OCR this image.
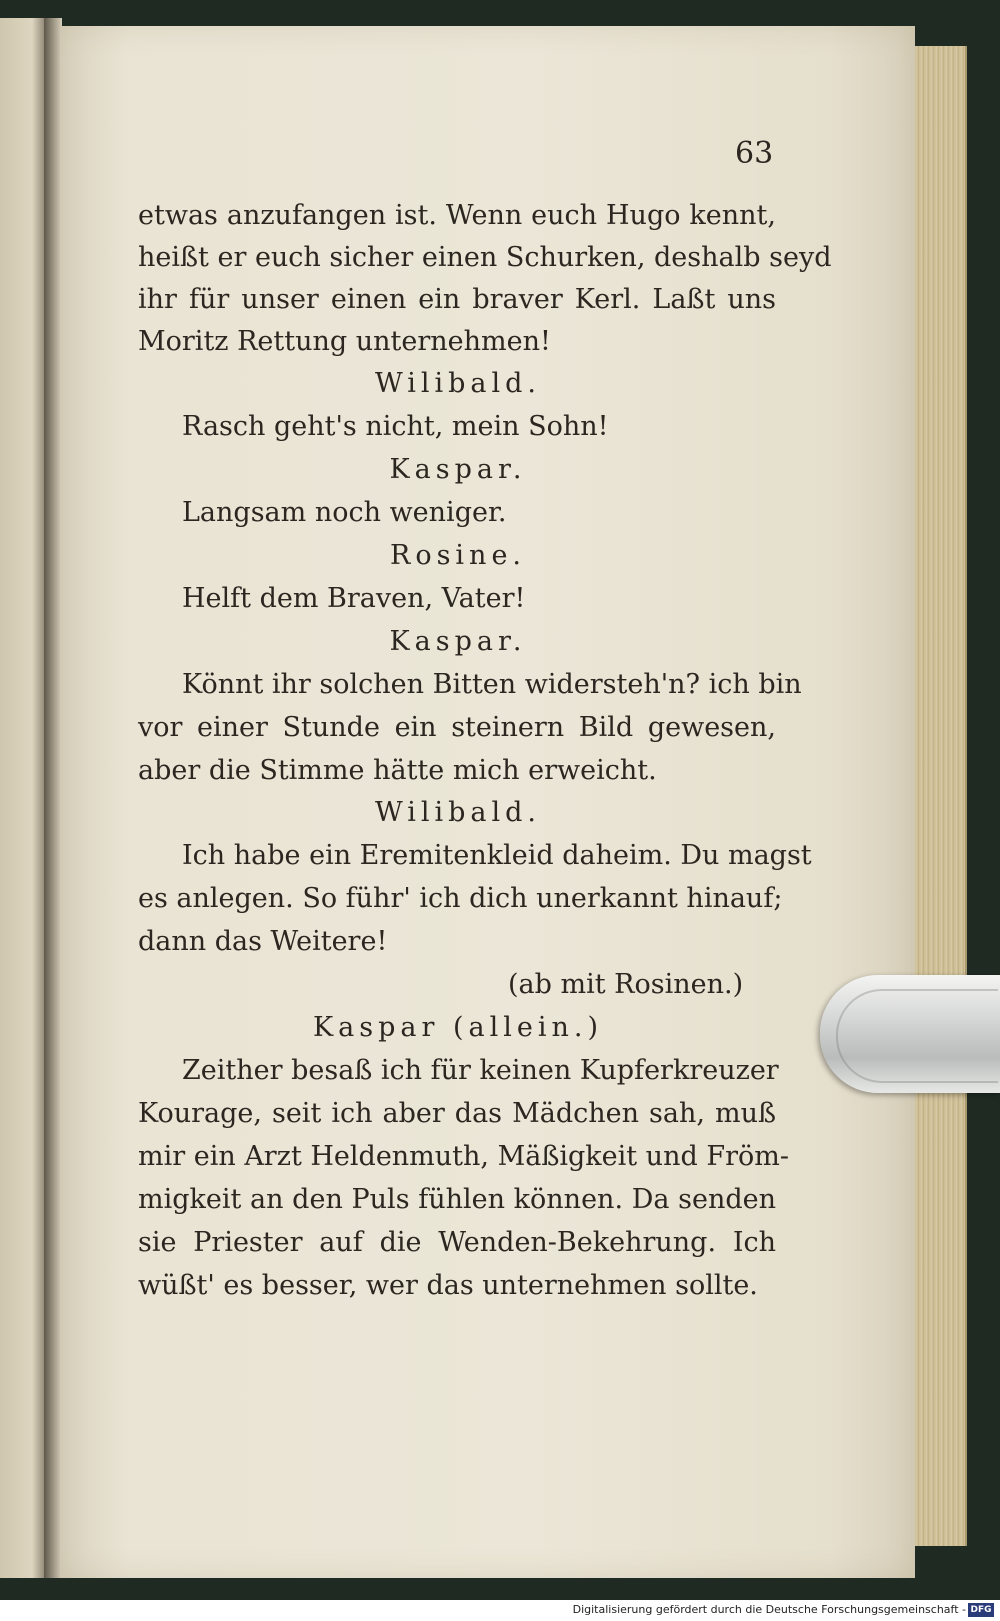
63
etwas anzufangen ist. Wenn euch Hugo kennt,
heißt er euch sicher einen Schurken, deshalb seyd
ihr für unser einen ein braver Kerl. Laßt uns
Moritz Rettung unternehmen!
Wilibald.
Rasch geht's nicht, mein Sohn!
Kaspar.
Langsam noch weniger.
Rosine.
Helft dem Braven, Vater!
Kaspar.
Könnt ihr solchen Bitten widersteh'n? ich bin
vor einer Stunde ein steinern Bild gewesen,
aber die Stimme hätte mich erweicht.
Wilibald.
Ich habe ein Eremitenkleid daheim. Du magst
es anlegen. So führ' ich dich unerkannt hinauf;
dann das Weitere!
(ab mit Rosinen.)
Kaspar (allein.)
Zeither besaß ich für keinen Kupferkreuzer
Kourage, seit ich aber das Mädchen sah, muß
mir ein Arzt Heldenmuth, Mäßigkeit und Fröm-
migkeit an den Puls fühlen können. Da senden
sie Priester auf die Wenden-Bekehrung. Ich
wüßt' es besser, wer das unternehmen sollte.
Digitalisierung gefördert durch die Deutsche Forschungsgemeinschaft - DFG
